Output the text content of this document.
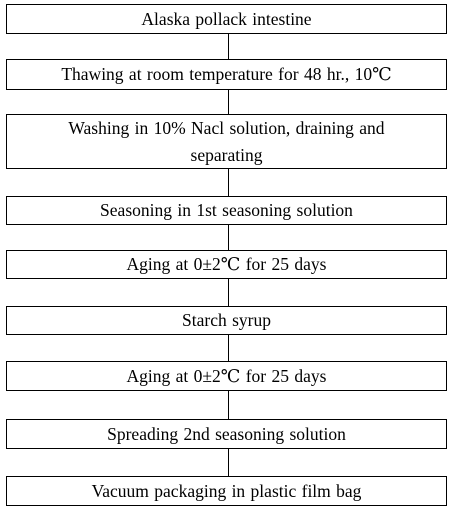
Alaska pollack intestine
Thawing at room temperature for 48 hr., 10℃
Washing in 10% Nacl solution, draining and separating
Seasoning in 1st seasoning solution
Aging at 0±2℃ for 25 days
Starch syrup
Aging at 0±2℃ for 25 days
Spreading 2nd seasoning solution
Vacuum packaging in plastic film bag
